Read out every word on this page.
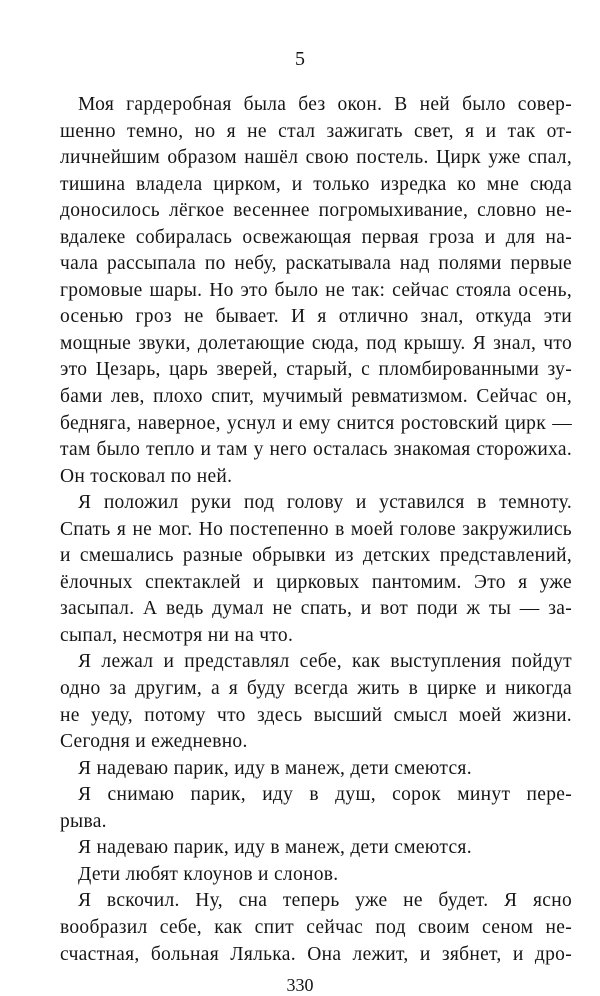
5
Моя гардеробная была без окон. В ней было совер-
шенно темно, но я не стал зажигать свет, я и так от-
личнейшим образом нашёл свою постель. Цирк уже спал,
тишина владела цирком, и только изредка ко мне сюда
доносилось лёгкое весеннее погромыхивание, словно не-
вдалеке собиралась освежающая первая гроза и для на-
чала рассыпала по небу, раскатывала над полями первые
громовые шары. Но это было не так: сейчас стояла осень,
осенью гроз не бывает. И я отлично знал, откуда эти
мощные звуки, долетающие сюда, под крышу. Я знал, что
это Цезарь, царь зверей, старый, с пломбированными зу-
бами лев, плохо спит, мучимый ревматизмом. Сейчас он,
бедняга, наверное, уснул и ему снится ростовский цирк —
там было тепло и там у него осталась знакомая сторожиха.
Он тосковал по ней.
Я положил руки под голову и уставился в темноту.
Спать я не мог. Но постепенно в моей голове закружились
и смешались разные обрывки из детских представлений,
ёлочных спектаклей и цирковых пантомим. Это я уже
засыпал. А ведь думал не спать, и вот поди ж ты — за-
сыпал, несмотря ни на что.
Я лежал и представлял себе, как выступления пойдут
одно за другим, а я буду всегда жить в цирке и никогда
не уеду, потому что здесь высший смысл моей жизни.
Сегодня и ежедневно.
Я надеваю парик, иду в манеж, дети смеются.
Я снимаю парик, иду в душ, сорок минут пере-
рыва.
Я надеваю парик, иду в манеж, дети смеются.
Дети любят клоунов и слонов.
Я вскочил. Ну, сна теперь уже не будет. Я ясно
вообразил себе, как спит сейчас под своим сеном не-
счастная, больная Лялька. Она лежит, и зябнет, и дро-
330
